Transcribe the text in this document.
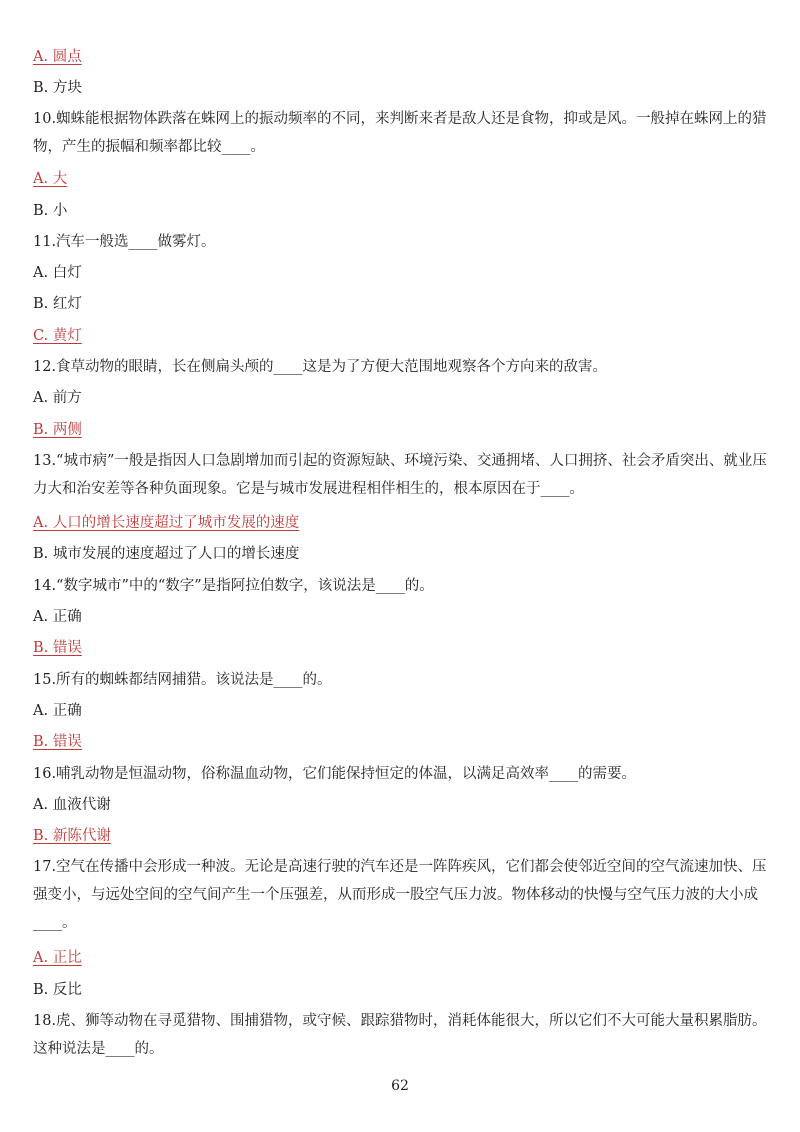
A. 圆点
B. 方块
10.蜘蛛能根据物体跌落在蛛网上的振动频率的不同，来判断来者是敌人还是食物，抑或是风。一般掉在蛛网上的猎物，产生的振幅和频率都比较____。
A. 大
B. 小
11.汽车一般选____做雾灯。
A. 白灯
B. 红灯
C. 黄灯
12.食草动物的眼睛，长在侧扁头颅的____这是为了方便大范围地观察各个方向来的敌害。
A. 前方
B. 两侧
13.“城市病”一般是指因人口急剧增加而引起的资源短缺、环境污染、交通拥堵、人口拥挤、社会矛盾突出、就业压力大和治安差等各种负面现象。它是与城市发展进程相伴相生的，根本原因在于____。
A. 人口的增长速度超过了城市发展的速度
B. 城市发展的速度超过了人口的增长速度
14.“数字城市”中的“数字”是指阿拉伯数字，该说法是____的。
A. 正确
B. 错误
15.所有的蜘蛛都结网捕猎。该说法是____的。
A. 正确
B. 错误
16.哺乳动物是恒温动物，俗称温血动物，它们能保持恒定的体温，以满足高效率____的需要。
A. 血液代谢
B. 新陈代谢
17.空气在传播中会形成一种波。无论是高速行驶的汽车还是一阵阵疾风，它们都会使邻近空间的空气流速加快、压强变小，与远处空间的空气间产生一个压强差，从而形成一股空气压力波。物体移动的快慢与空气压力波的大小成____。
A. 正比
B. 反比
18.虎、狮等动物在寻觅猎物、围捕猎物，或守候、跟踪猎物时，消耗体能很大，所以它们不大可能大量积累脂肪。这种说法是____的。
62
